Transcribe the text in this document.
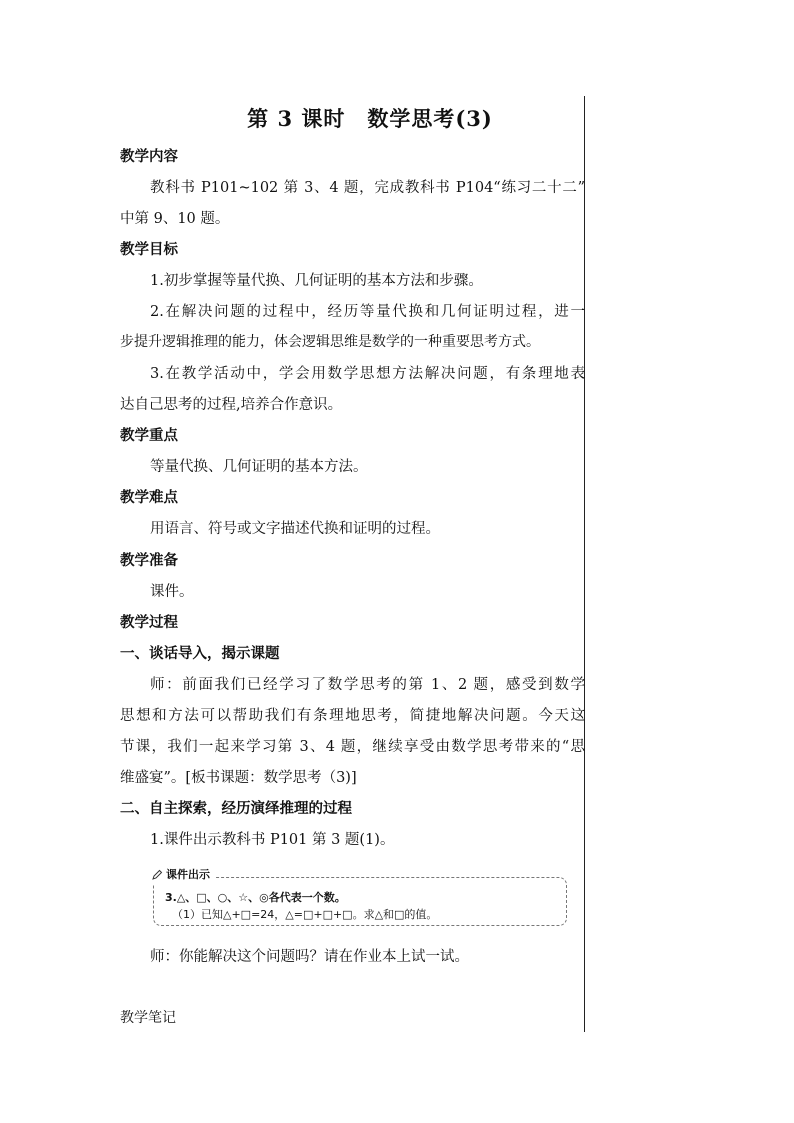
第 3 课时　数学思考(3)
教学内容
教科书 P101~102 第 3、4 题，完成教科书 P104“练习二十二”
中第 9、10 题。
教学目标
1.初步掌握等量代换、几何证明的基本方法和步骤。
2.在解决问题的过程中，经历等量代换和几何证明过程，进一
步提升逻辑推理的能力，体会逻辑思维是数学的一种重要思考方式。
3.在教学活动中，学会用数学思想方法解决问题，有条理地表
达自己思考的过程,培养合作意识。
教学重点
等量代换、几何证明的基本方法。
教学难点
用语言、符号或文字描述代换和证明的过程。
教学准备
课件。
教学过程
一、谈话导入，揭示课题
师：前面我们已经学习了数学思考的第 1、2 题，感受到数学
思想和方法可以帮助我们有条理地思考，简捷地解决问题。今天这
节课，我们一起来学习第 3、4 题，继续享受由数学思考带来的“思
维盛宴”。[板书课题：数学思考（3)]
二、自主探索，经历演绎推理的过程
1.课件出示教科书 P101 第 3 题(1)。
课件出示
3.△、□、○、☆、◎各代表一个数。
（1）已知△+□=24，△=□+□+□。求△和□的值。
师：你能解决这个问题吗？请在作业本上试一试。
教学笔记
